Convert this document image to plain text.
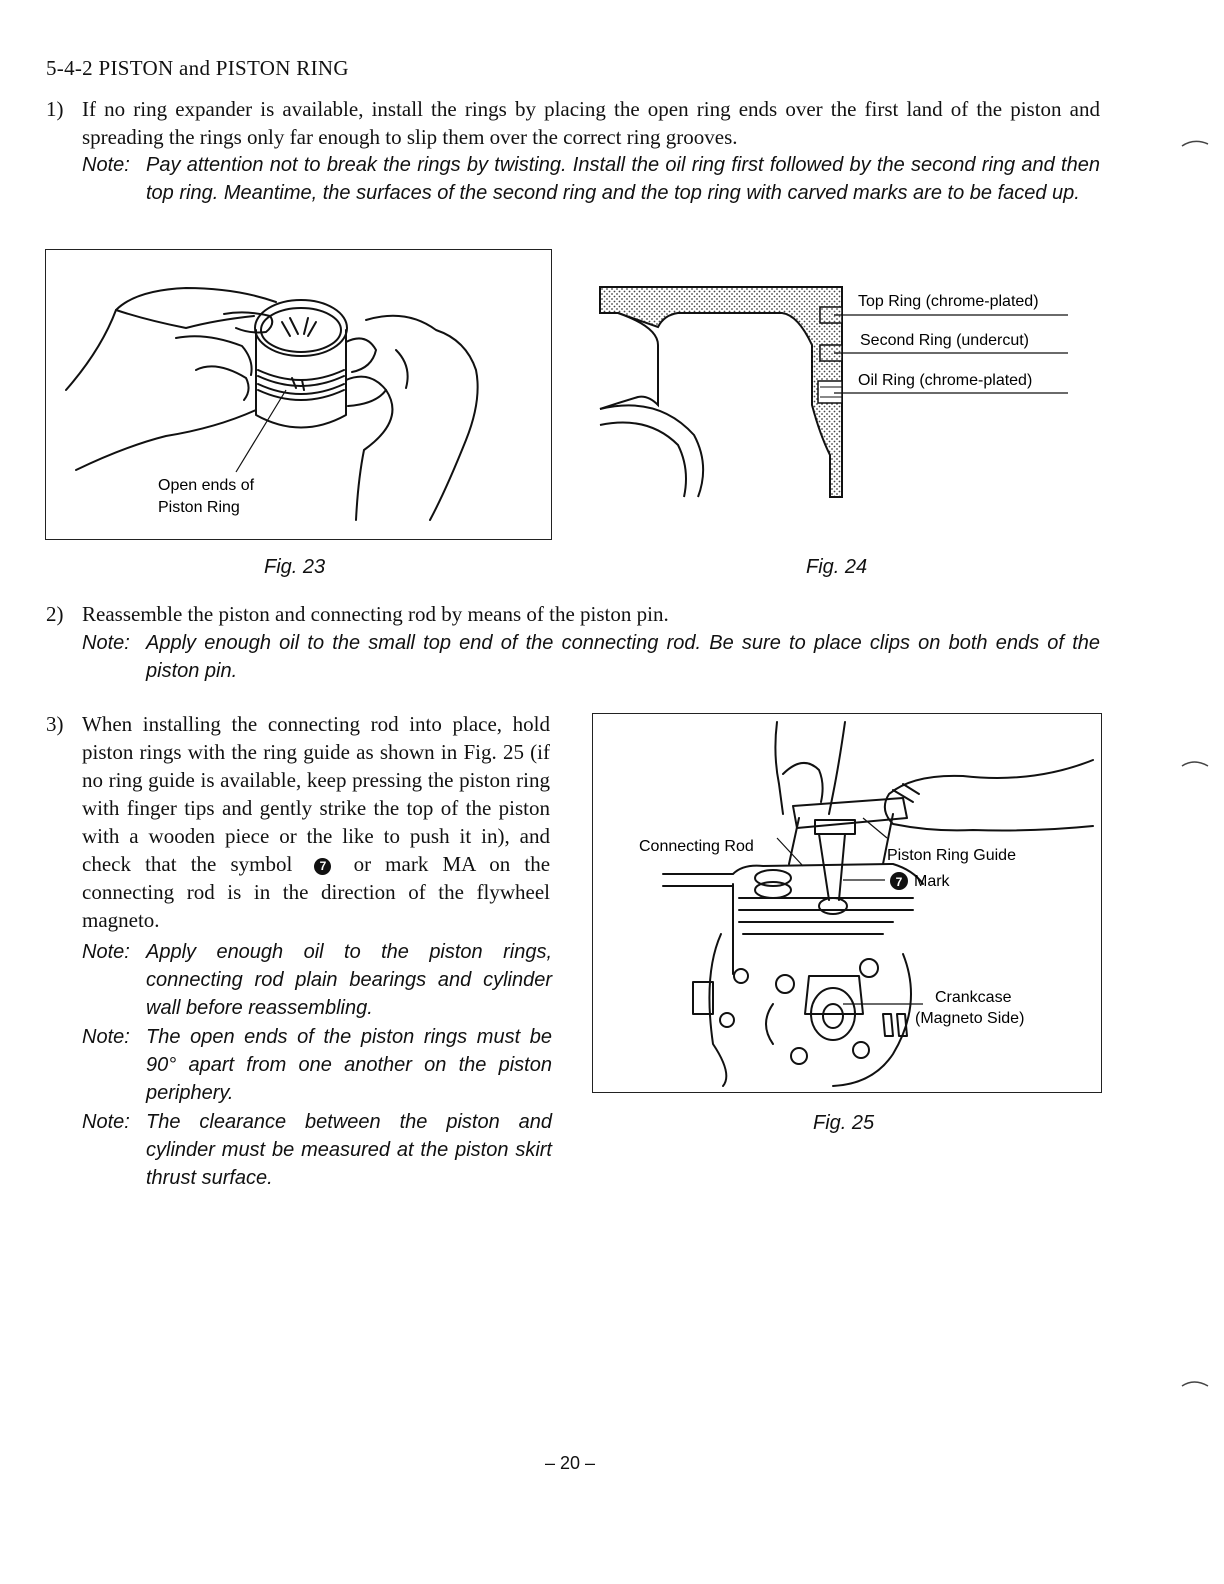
5-4-2 PISTON and PISTON RING
1) If no ring expander is available, install the rings by placing the open ring ends over the first land of the piston and spreading the rings only far enough to slip them over the correct ring grooves.
Note: Pay attention not to break the rings by twisting. Install the oil ring first followed by the second ring and then top ring. Meantime, the surfaces of the second ring and the top ring with carved marks are to be faced up.
Open ends of
Piston Ring
Fig. 23
Top Ring (chrome-plated)
Second Ring (undercut)
Oil Ring (chrome-plated)
Fig. 24
2) Reassemble the piston and connecting rod by means of the piston pin.
Note: Apply enough oil to the small top end of the connecting rod. Be sure to place clips on both ends of the piston pin.
3) When installing the connecting rod into place, hold piston rings with the ring guide as shown in Fig. 25 (if no ring guide is available, keep pressing the piston ring with finger tips and gently strike the top of the piston with a wooden piece or the like to push it in), and check that the symbol 7 or mark MA on the connecting rod is in the direction of the flywheel magneto.
Note: Apply enough oil to the piston rings, connecting rod plain bearings and cylinder wall before reassembling.
Note: The open ends of the piston rings must be 90° apart from one another on the piston periphery.
Note: The clearance between the piston and cylinder must be measured at the piston skirt thrust surface.
Connecting Rod
Piston Ring Guide
7 Mark
Crankcase
(Magneto Side)
Fig. 25
– 20 –
